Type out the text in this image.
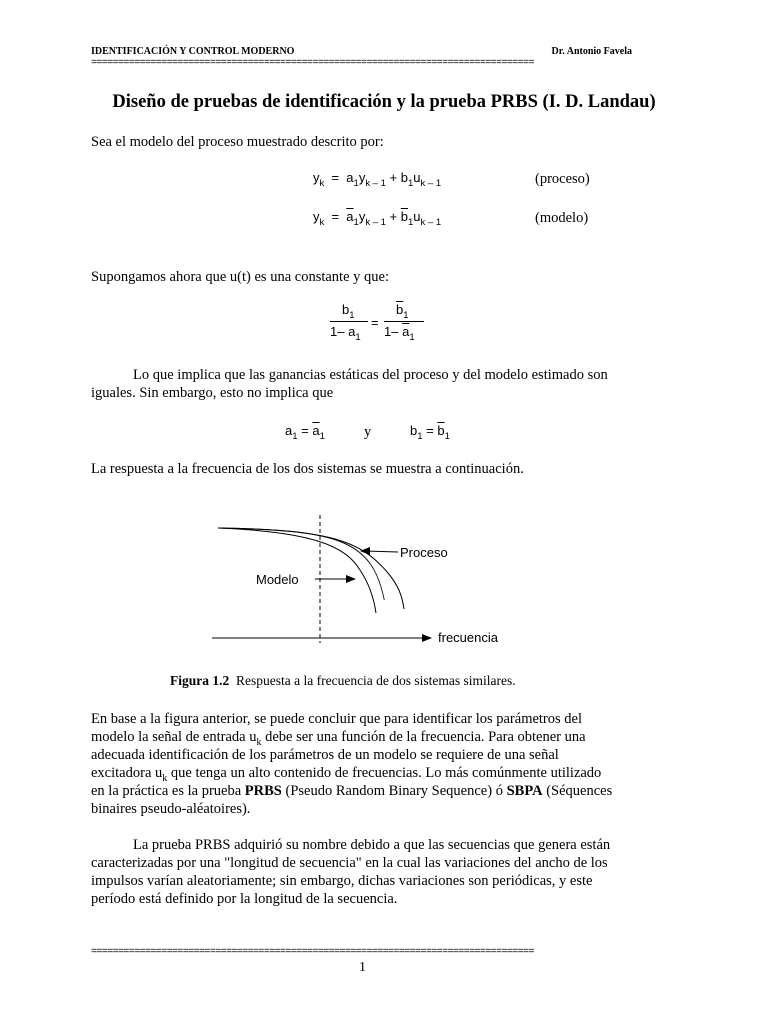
IDENTIFICACIÓN Y CONTROL MODERNO	Dr. Antonio Favela
==================================================================================
Diseño de pruebas de identificación y la prueba PRBS (I. D. Landau)
Sea el modelo del proceso muestrado descrito por:
$y_k = a_1y_{k - 1} + b_1u_{k - 1}$	(proceso)
$y_k = \overline{a}_1y_{k - 1} + \overline{b}_1u_{k - 1}$	(modelo)
Supongamos ahora que u(t) es una constante y que:
$b_1$
1– $a_1$
=
$\overline{b}_1$
1– $\overline{a}_1$
Lo que implica que las ganancias estáticas del proceso y del modelo estimado son
iguales. Sin embargo, esto no implica que
$a_1 = \overline{a}_1$	y	$b_1 = \overline{b}_1$
La respuesta a la frecuencia de los dos sistemas se muestra a continuación.
Proceso
Modelo
frecuencia
Figura 1.2 Respuesta a la frecuencia de dos sistemas similares.
En base a la figura anterior, se puede concluir que para identificar los parámetros del
modelo la señal de entrada $u_k$ debe ser una función de la frecuencia. Para obtener una
adecuada identificación de los parámetros de un modelo se requiere de una señal
excitadora $u_k$ que tenga un alto contenido de frecuencias. Lo más comúnmente utilizado
en la práctica es la prueba PRBS (Pseudo Random Binary Sequence) ó SBPA (Séquences
binaires pseudo-aléatoires).
La prueba PRBS adquirió su nombre debido a que las secuencias que genera están
caracterizadas por una "longitud de secuencia" en la cual las variaciones del ancho de los
impulsos varían aleatoriamente; sin embargo, dichas variaciones son periódicas, y este
período está definido por la longitud de la secuencia.
==================================================================================
1
